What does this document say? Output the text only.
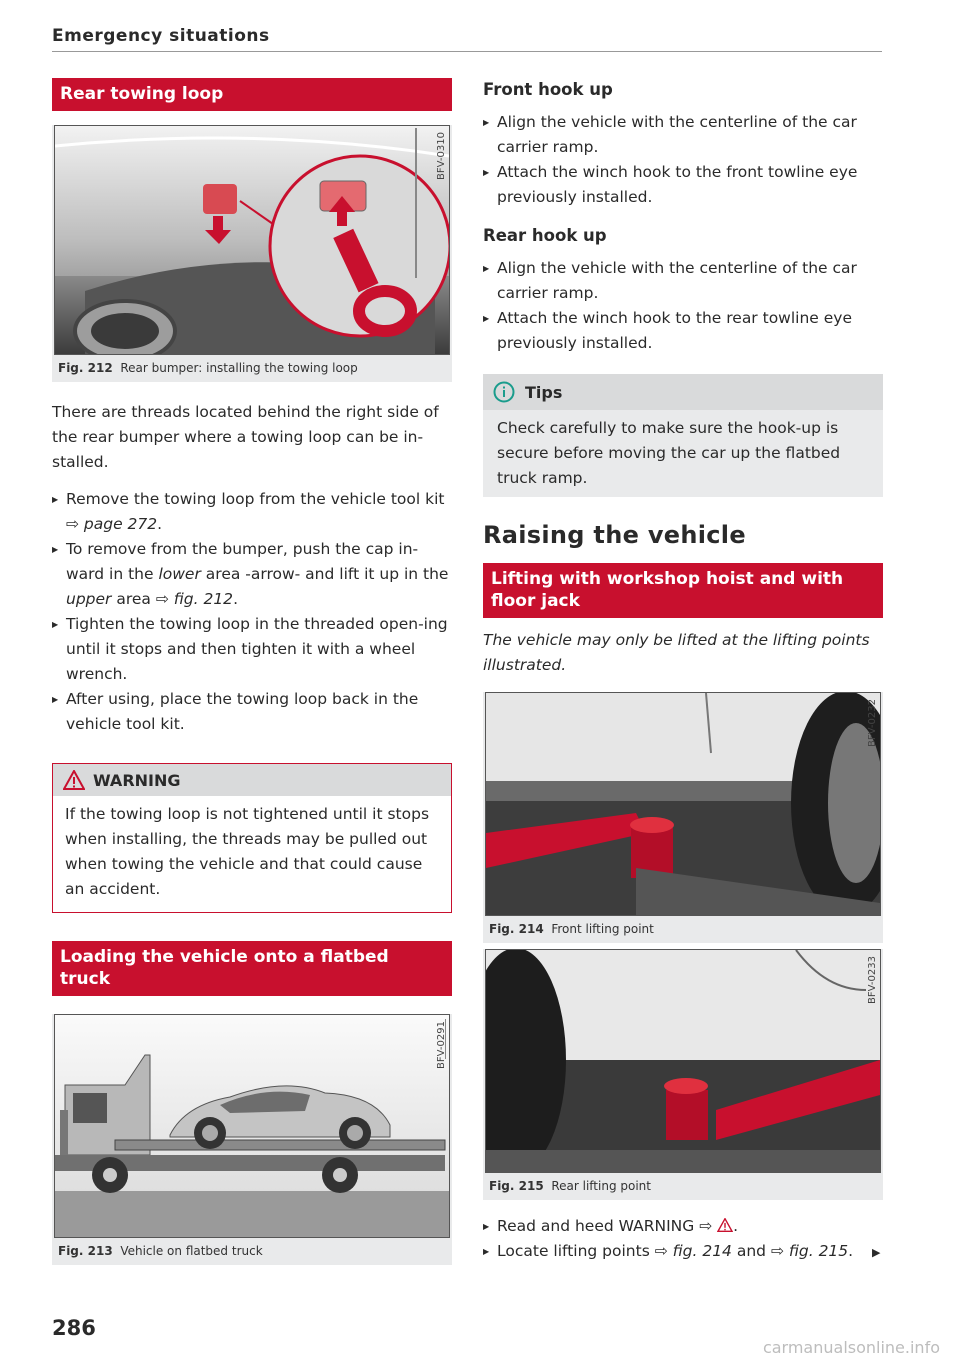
Emergency situations
Rear towing loop
BFV-0310
Fig. 212 Rear bumper: installing the towing loop

There are threads located behind the right side of the rear bumper where a towing loop can be in-stalled.

▶ Remove the towing loop from the vehicle tool kit ⇨ page 272.
▶ To remove from the bumper, push the cap in-ward in the lower area -arrow- and lift it up in the upper area ⇨ fig. 212.
▶ Tighten the towing loop in the threaded open-ing until it stops and then tighten it with a wheel wrench.
▶ After using, place the towing loop back in the vehicle tool kit.
WARNING
If the towing loop is not tightened until it stops when installing, the threads may be pulled out when towing the vehicle and that could cause an accident.
Loading the vehicle onto a flatbed truck
BFV-0291
Fig. 213 Vehicle on flatbed truck
Front hook up
▶ Align the vehicle with the centerline of the car carrier ramp.
▶ Attach the winch hook to the front towline eye previously installed.
Rear hook up
▶ Align the vehicle with the centerline of the car carrier ramp.
▶ Attach the winch hook to the rear towline eye previously installed.
Tips
Check carefully to make sure the hook-up is secure before moving the car up the flatbed truck ramp.
Raising the vehicle
Lifting with workshop hoist and with floor jack

The vehicle may only be lifted at the lifting points illustrated.

BFV-0232
Fig. 214 Front lifting point
BFV-0233
Fig. 215 Rear lifting point
▶ Read and heed WARNING ⇨ .
▶ Locate lifting points ⇨ fig. 214 and ⇨ fig. 215. ▶
286
carmanualsonline.info
